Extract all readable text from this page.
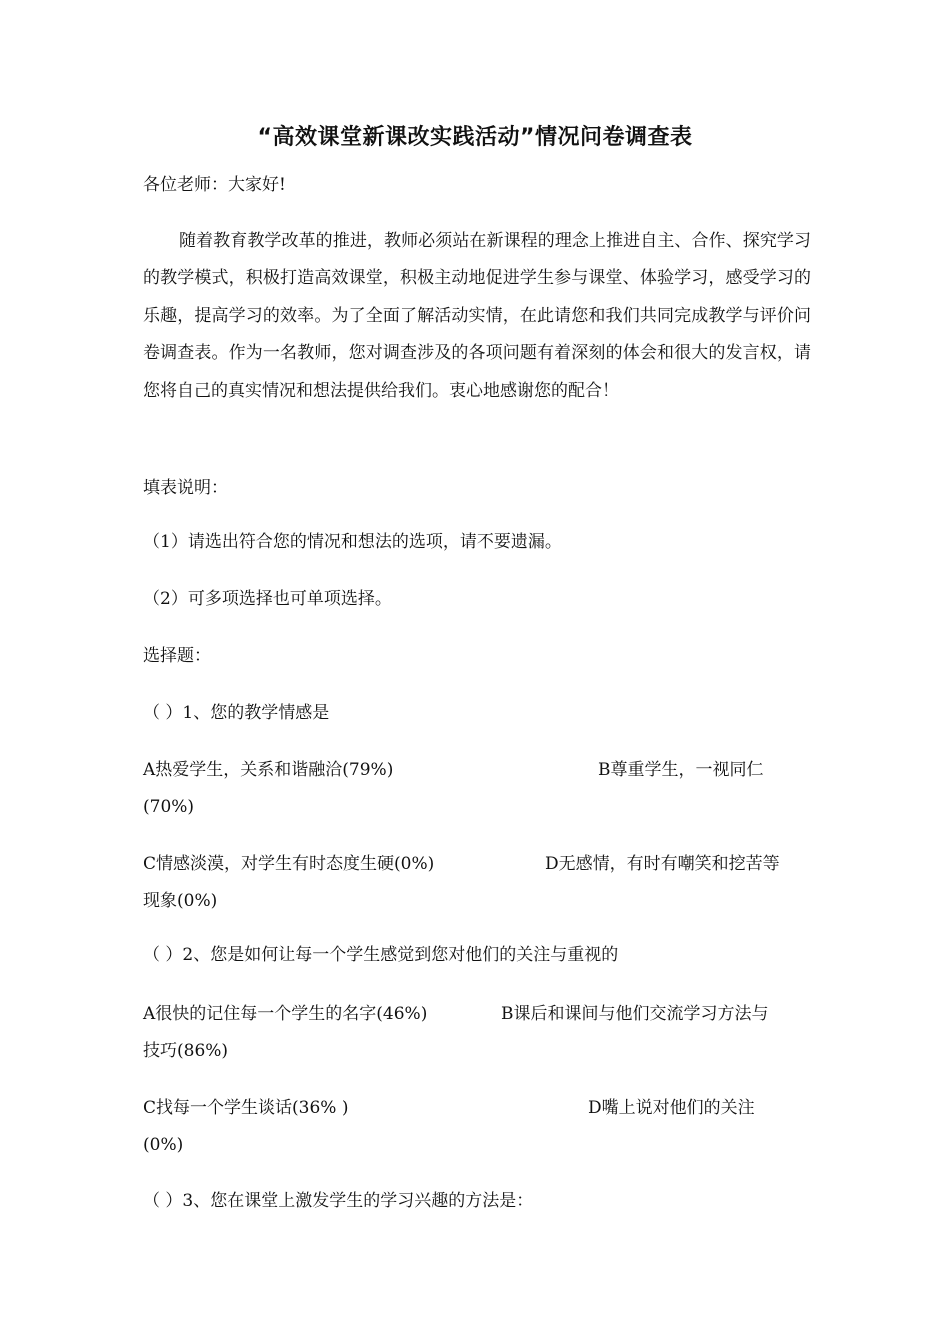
“高效课堂新课改实践活动”情况问卷调查表
各位老师：大家好!
随着教育教学改革的推进，教师必须站在新课程的理念上推进自主、合作、探究学习的教学模式，积极打造高效课堂，积极主动地促进学生参与课堂、体验学习，感受学习的乐趣，提高学习的效率。为了全面了解活动实情，在此请您和我们共同完成教学与评价问卷调查表。作为一名教师，您对调查涉及的各项问题有着深刻的体会和很大的发言权，请您将自己的真实情况和想法提供给我们。衷心地感谢您的配合！
填表说明：
（1）请选出符合您的情况和想法的选项，请不要遗漏。
（2）可多项选择也可单项选择。
选择题：
（ ）1、您的教学情感是
A热爱学生，关系和谐融洽(79%)	B尊重学生，一视同仁
(70%)
C情感淡漠，对学生有时态度生硬(0%)	D无感情，有时有嘲笑和挖苦等
现象(0%)
（ ）2、您是如何让每一个学生感觉到您对他们的关注与重视的
A很快的记住每一个学生的名字(46%)	B课后和课间与他们交流学习方法与
技巧(86%)
C找每一个学生谈话(36% )	D嘴上说对他们的关注
(0%)
（ ）3、您在课堂上激发学生的学习兴趣的方法是：
